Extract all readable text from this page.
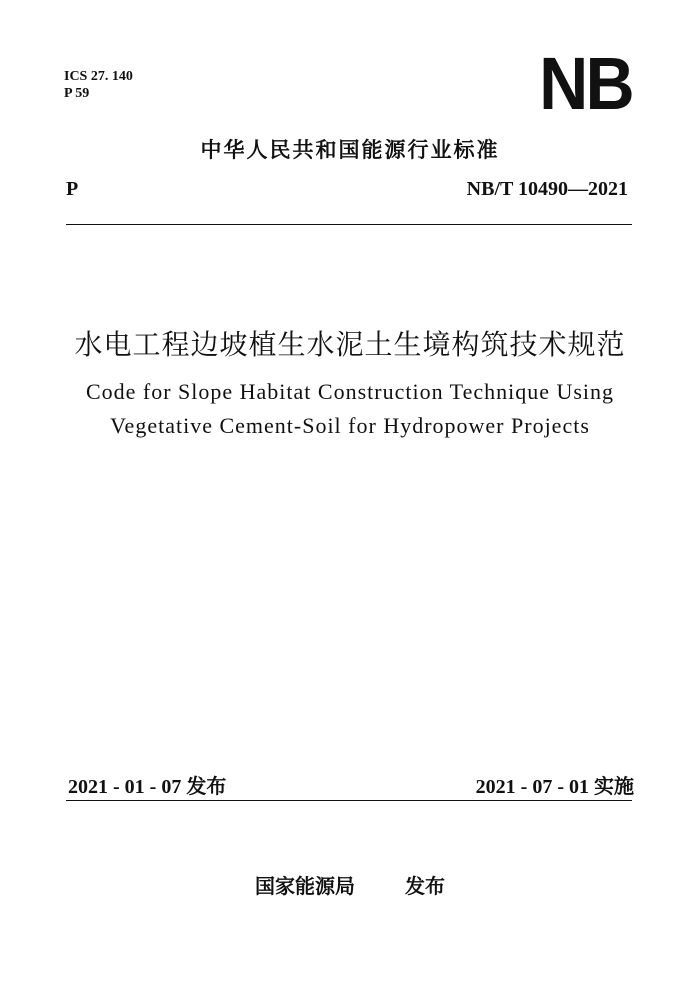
ICS 27. 140
P 59	NB
中华人民共和国能源行业标准
P	NB/T 10490—2021
水电工程边坡植生水泥土生境构筑技术规范
Code for Slope Habitat Construction Technique Using
Vegetative Cement-Soil for Hydropower Projects
2021 - 01 - 07 发布	2021 - 07 - 01 实施
国家能源局 发布
